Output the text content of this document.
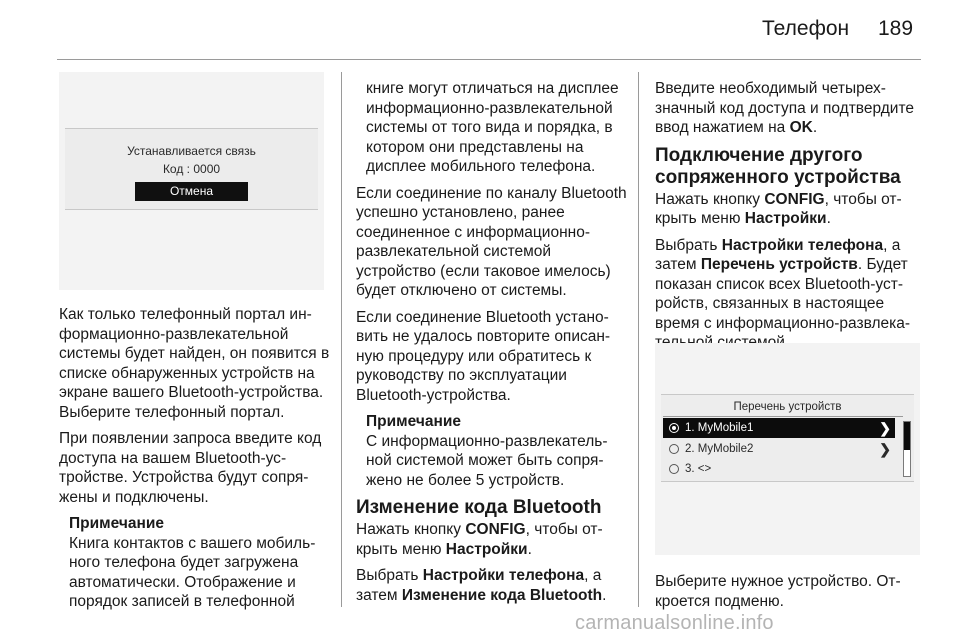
Телефон 189
Устанавливается связь
Код : 0000
Отмена

Как только телефонный портал информационно-развлекательной системы будет найден, он появится в списке обнаруженных устройств на экране вашего Bluetooth-устройства. Выберите телефонный портал.

При появлении запроса введите код доступа на вашем Bluetooth-устройстве. Устройства будут сопряжены и подключены.

Примечание
Книга контактов с вашего мобильного телефона будет загружена автоматически. Отображение и порядок записей в телефонной

книге могут отличаться на дисплее информационно-развлекательной системы от того вида и порядка, в котором они представлены на дисплее мобильного телефона.

Если соединение по каналу Bluetooth успешно установлено, ранее соединенное с информационно-развлекательной системой устройство (если таковое имелось) будет отключено от системы.

Если соединение Bluetooth установить не удалось повторите описанную процедуру или обратитесь к руководству по эксплуатации Bluetooth-устройства.

Примечание
С информационно-развлекательной системой может быть сопряжено не более 5 устройств.
Изменение кода Bluetooth

Нажать кнопку CONFIG, чтобы открыть меню Настройки.

Выбрать Настройки телефона, а затем Изменение кода Bluetooth.

Введите необходимый четырехзначный код доступа и подтвердите ввод нажатием на OK.

Подключение другого сопряженного устройства

Нажать кнопку CONFIG, чтобы открыть меню Настройки.

Выбрать Настройки телефона, а затем Перечень устройств. Будет показан список всех Bluetooth-устройств, связанных в настоящее время с информационно-развлека

Перечень устройств
1. MyMobile1	❯
2. MyMobile2	❯
3. <>

Выберите нужное устройство. Откроется подменю.

carmanualsonline.info
